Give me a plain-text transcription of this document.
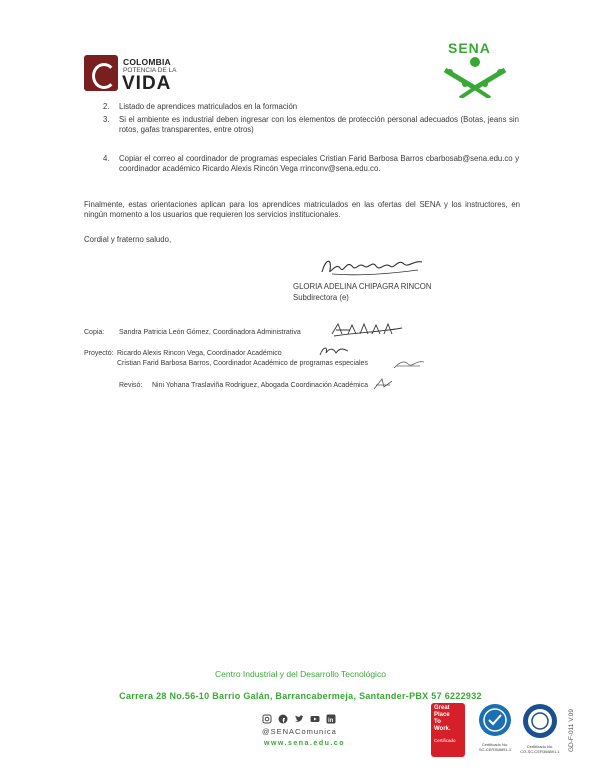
COLOMBIA
POTENCIA DE LA
VIDA
SENA
2.	Listado de aprendices matriculados en la formación
3.	Si el ambiente es industrial deben ingresar con los elementos de protección personal adecuados (Botas, jeans sin rotos, gafas transparentes, entre otros)
4.	Copiar el correo al coordinador de programas especiales Cristian Farid Barbosa Barros cbarbosab@sena.edu.co y coordinador académico Ricardo Alexis Rincón Vega rrinconv@sena.edu.co.
Finalmente, estas orientaciones aplican para los aprendices matriculados en las ofertas del SENA y los instructores, en ningún momento a los usuarios que requieren los servicios institucionales.
Cordial y fraterno saludo,
GLORIA ADELINA CHIPAGRA RINCON
Subdirectora (e)
Copia: Sandra Patricia León Gómez, Coordinadora Administrativa
Proyectó: Ricardo Alexis Rincon Vega, Coordinador Académico
Cristian Farid Barbosa Barros, Coordinador Académico de programas especiales
Revisó: Nini Yohana Traslaviña Rodriguez, Abogada Coordinación Académica
Centro Industrial y del Desarrollo Tecnológico
Carrera 28 No.56-10 Barrio Galán, Barrancabermeja, Santander-PBX 57 6222932
in
@SENAComunica
www.sena.edu.co
Great
Place
To
Work.
Certificado
Certificado No.
SC-CER358891-1
Certificado No.
CO-SC-CER358891-1	GD-F-011 V.09
